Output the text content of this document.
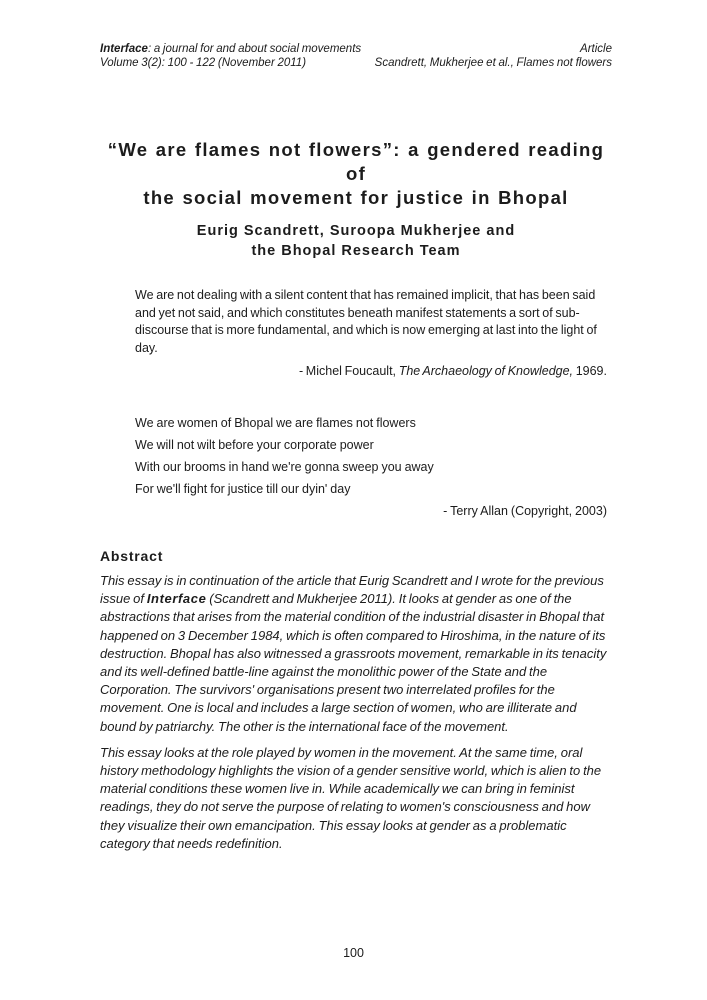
Interface: a journal for and about social movements	Article
Volume 3(2): 100 - 122 (November 2011)	Scandrett, Mukherjee et al., Flames not flowers
“We are flames not flowers”: a gendered reading of
the social movement for justice in Bhopal
Eurig Scandrett, Suroopa Mukherjee and
the Bhopal Research Team
We are not dealing with a silent content that has remained implicit, that has been said and yet not said, and which constitutes beneath manifest statements a sort of sub-discourse that is more fundamental, and which is now emerging at last into the light of day.
- Michel Foucault, The Archaeology of Knowledge, 1969.
We are women of Bhopal we are flames not flowers
We will not wilt before your corporate power
With our brooms in hand we're gonna sweep you away
For we'll fight for justice till our dyin' day
- Terry Allan (Copyright, 2003)
Abstract

This essay is in continuation of the article that Eurig Scandrett and I wrote for the previous issue of Interface (Scandrett and Mukherjee 2011). It looks at gender as one of the abstractions that arises from the material condition of the industrial disaster in Bhopal that happened on 3 December 1984, which is often compared to Hiroshima, in the nature of its destruction. Bhopal has also witnessed a grassroots movement, remarkable in its tenacity and its well-defined battle-line against the monolithic power of the State and the Corporation. The survivors' organisations present two interrelated profiles for the movement. One is local and includes a large section of women, who are illiterate and bound by patriarchy. The other is the international face of the movement.

This essay looks at the role played by women in the movement. At the same time, oral history methodology highlights the vision of a gender sensitive world, which is alien to the material conditions these women live in. While academically we can bring in feminist readings, they do not serve the purpose of relating to women's consciousness and how they visualize their own emancipation. This essay looks at gender as a problematic category that needs redefinition.

100
